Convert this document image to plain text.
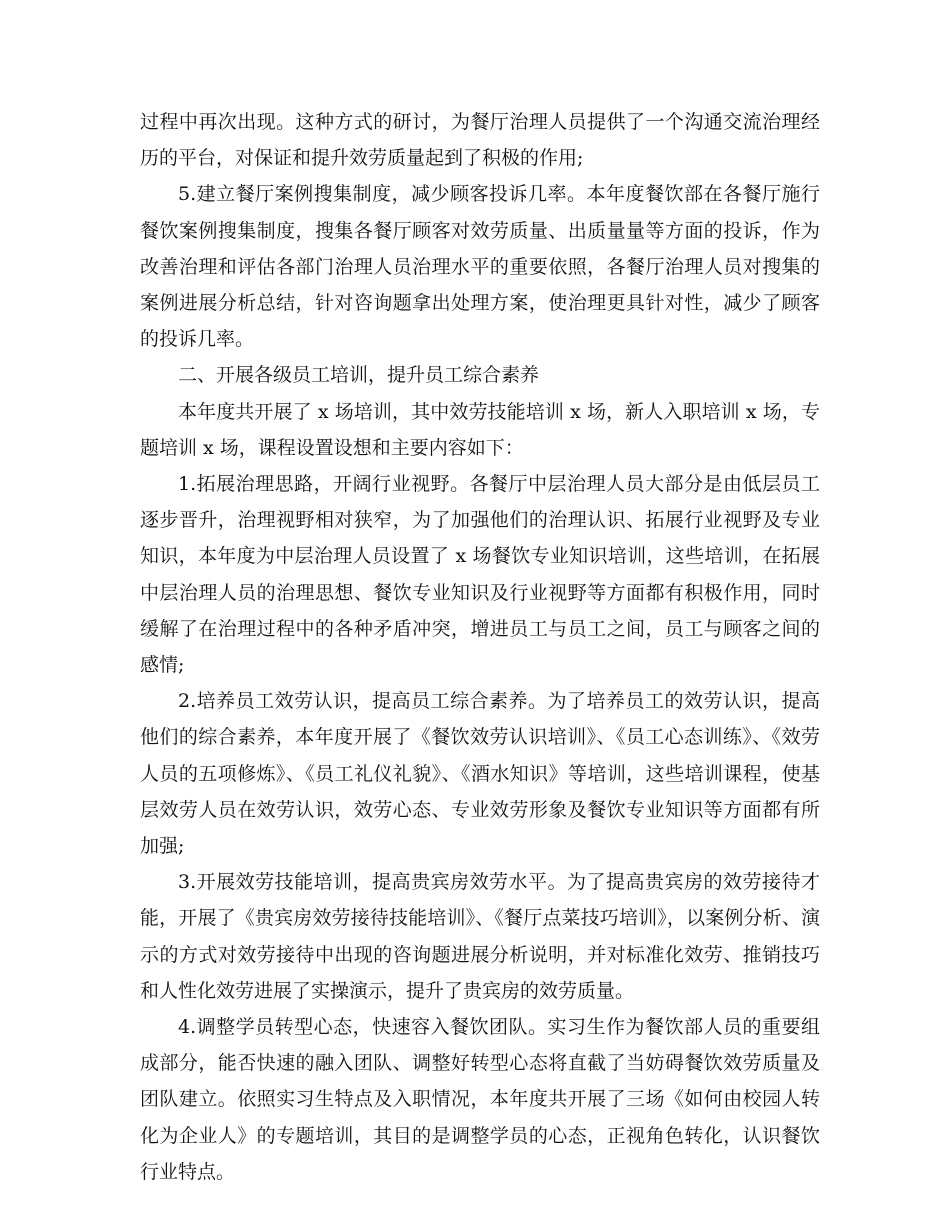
过程中再次出现。这种方式的研讨，为餐厅治理人员提供了一个沟通交流治理经历的平台，对保证和提升效劳质量起到了积极的作用;

5.建立餐厅案例搜集制度，减少顾客投诉几率。本年度餐饮部在各餐厅施行餐饮案例搜集制度，搜集各餐厅顾客对效劳质量、出质量量等方面的投诉，作为改善治理和评估各部门治理人员治理水平的重要依照，各餐厅治理人员对搜集的案例进展分析总结，针对咨询题拿出处理方案，使治理更具针对性，减少了顾客的投诉几率。

二、开展各级员工培训，提升员工综合素养

本年度共开展了 x 场培训，其中效劳技能培训 x 场，新人入职培训 x 场，专题培训 x 场，课程设置设想和主要内容如下：

1.拓展治理思路，开阔行业视野。各餐厅中层治理人员大部分是由低层员工逐步晋升，治理视野相对狭窄，为了加强他们的治理认识、拓展行业视野及专业知识，本年度为中层治理人员设置了 x 场餐饮专业知识培训，这些培训，在拓展中层治理人员的治理思想、餐饮专业知识及行业视野等方面都有积极作用，同时缓解了在治理过程中的各种矛盾冲突，增进员工与员工之间，员工与顾客之间的感情;

2.培养员工效劳认识，提高员工综合素养。为了培养员工的效劳认识，提高他们的综合素养，本年度开展了《餐饮效劳认识培训》、《员工心态训练》、《效劳人员的五项修炼》、《员工礼仪礼貌》、《酒水知识》等培训，这些培训课程，使基层效劳人员在效劳认识，效劳心态、专业效劳形象及餐饮专业知识等方面都有所加强;

3.开展效劳技能培训，提高贵宾房效劳水平。为了提高贵宾房的效劳接待才能，开展了《贵宾房效劳接待技能培训》、《餐厅点菜技巧培训》，以案例分析、演示的方式对效劳接待中出现的咨询题进展分析说明，并对标准化效劳、推销技巧和人性化效劳进展了实操演示，提升了贵宾房的效劳质量。

4.调整学员转型心态，快速容入餐饮团队。实习生作为餐饮部人员的重要组成部分，能否快速的融入团队、调整好转型心态将直截了当妨碍餐饮效劳质量及团队建立。依照实习生特点及入职情况，本年度共开展了三场《如何由校园人转化为企业人》的专题培训，其目的是调整学员的心态，正视角色转化，认识餐饮行业特点。
